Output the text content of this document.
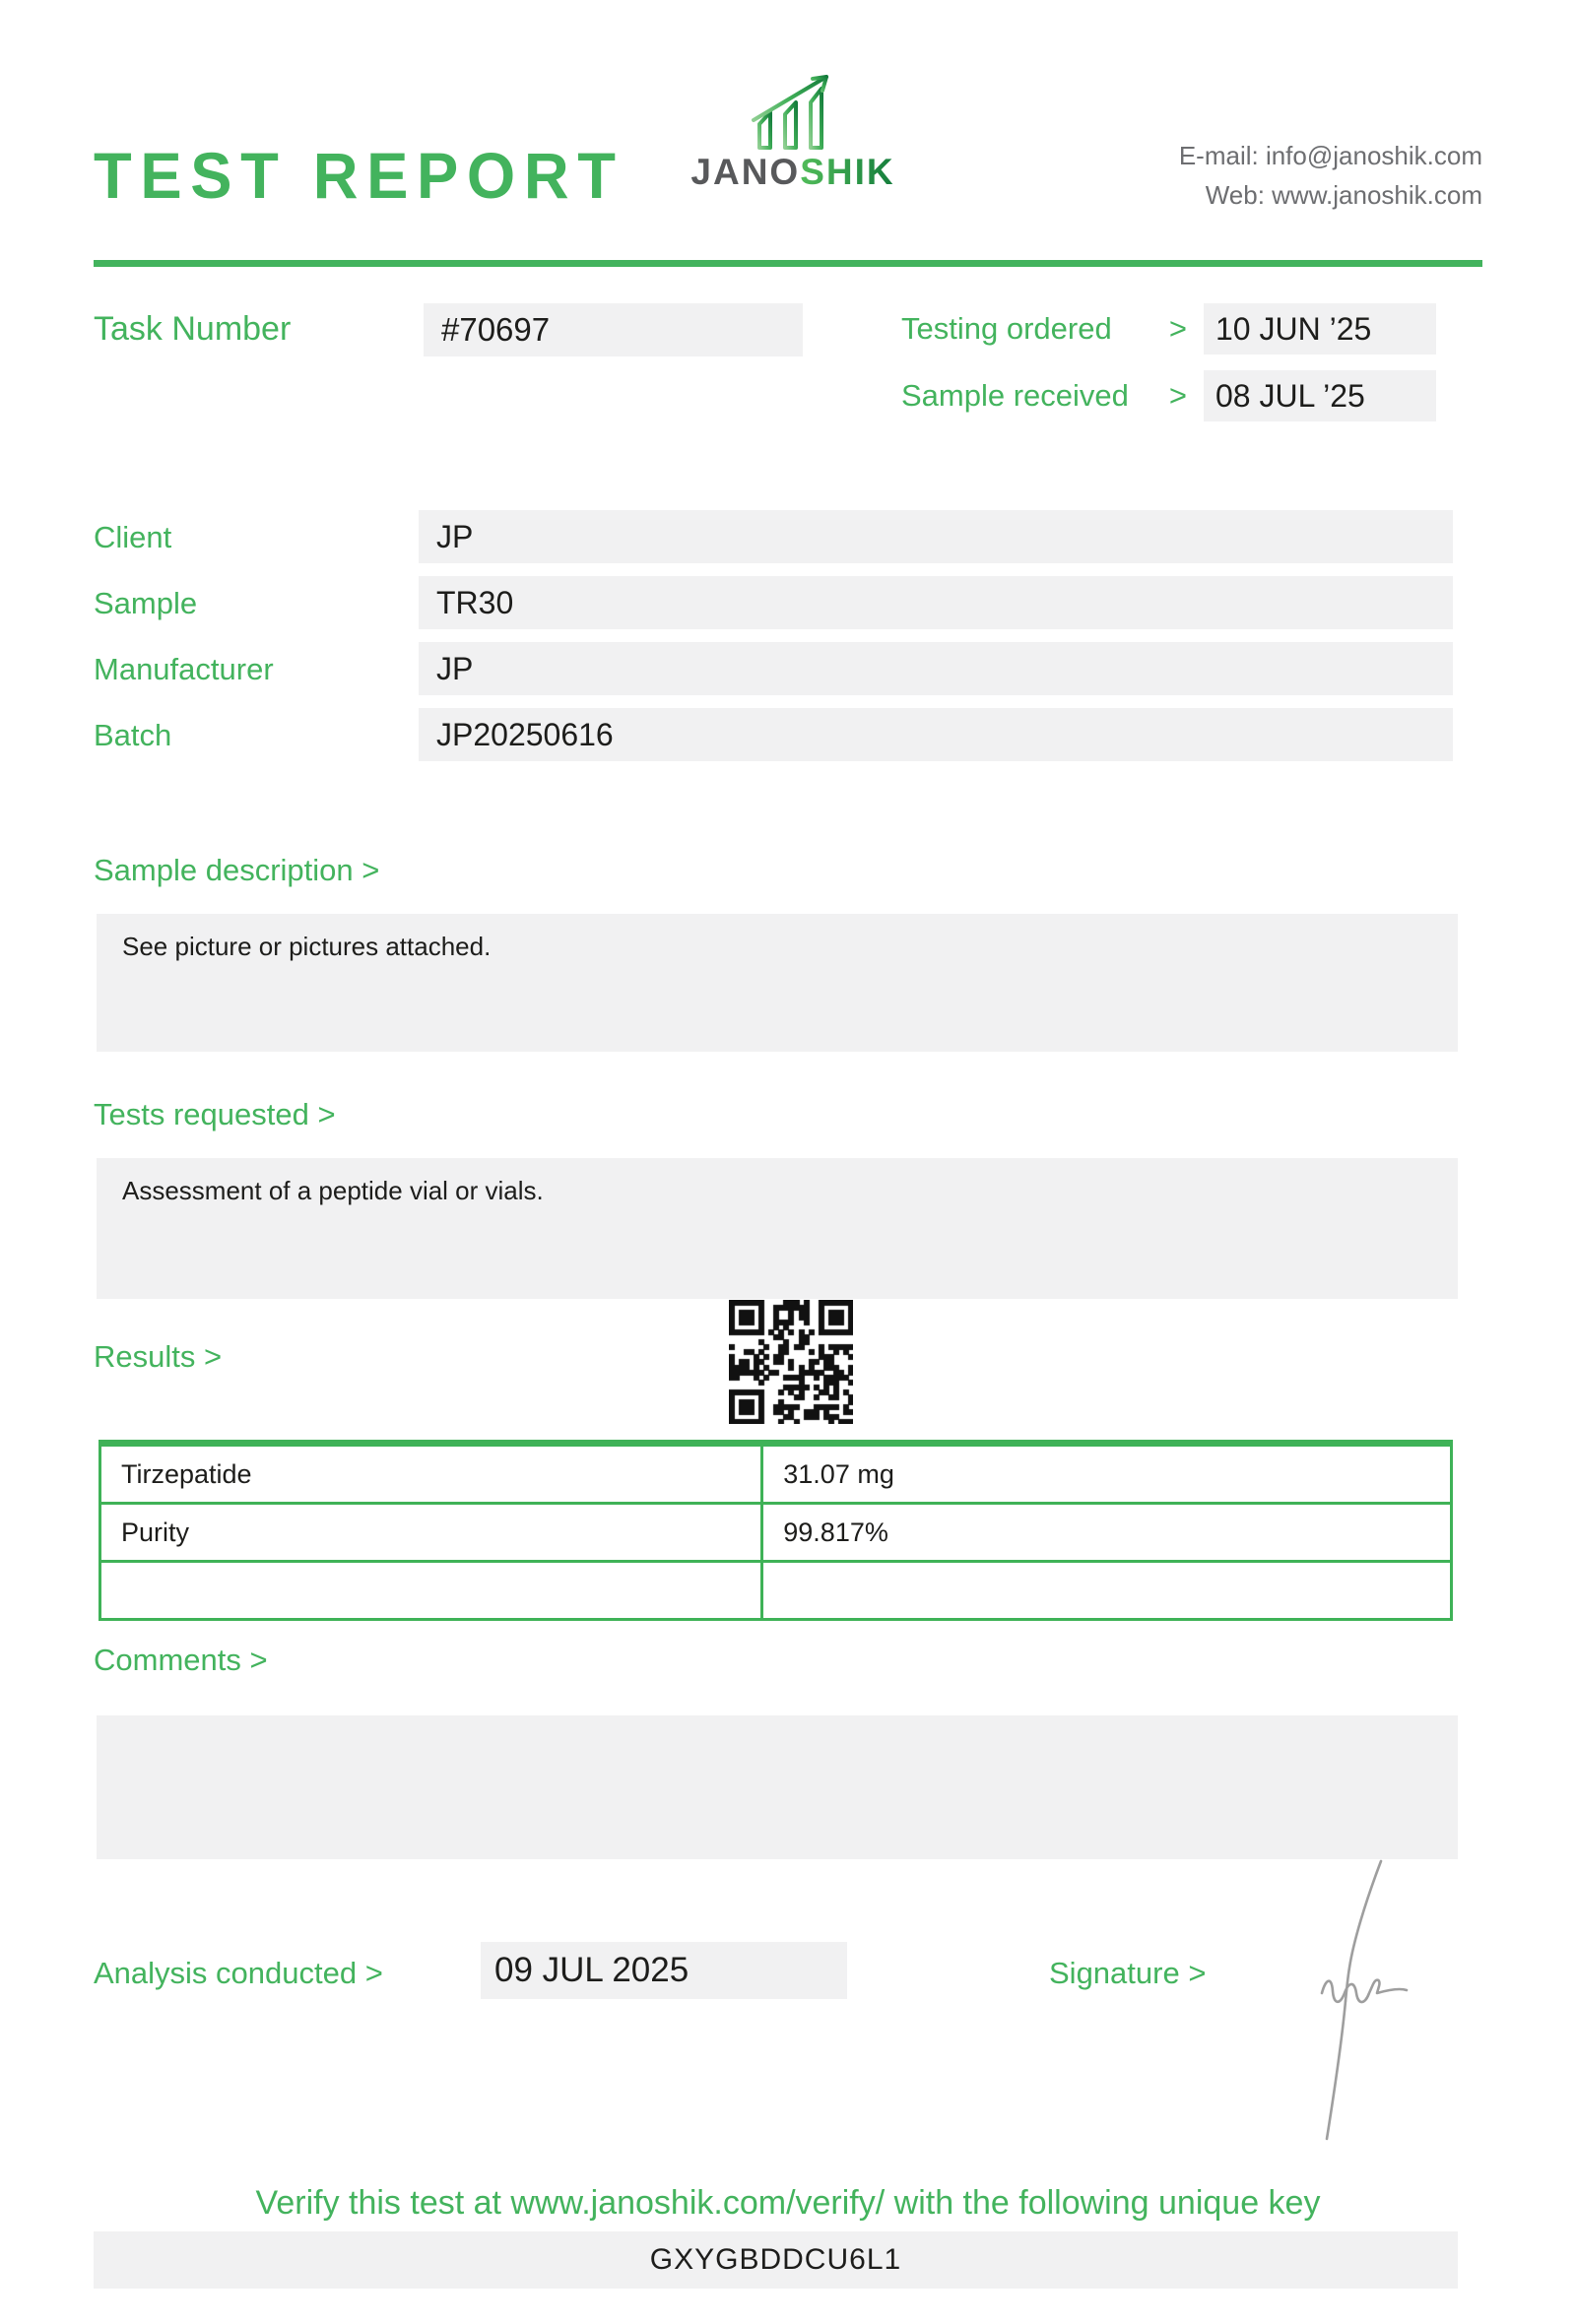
TEST REPORT	JANOSHIK	E-mail: info@janoshik.com
Web: www.janoshik.com
Task Number	#70697	Testing ordered > 10 JUN ’25
Sample received > 08 JUL ’25
Client	JP
Sample	TR30
Manufacturer	JP
Batch	JP20250616
Sample description >
See picture or pictures attached.
Tests requested >
Assessment of a peptide vial or vials.
Results >
Tirzepatide	31.07 mg
Purity	99.817%

Comments >
Analysis conducted >	09 JUL 2025	Signature >
Verify this test at www.janoshik.com/verify/ with the following unique key
GXYGBDDCU6L1
